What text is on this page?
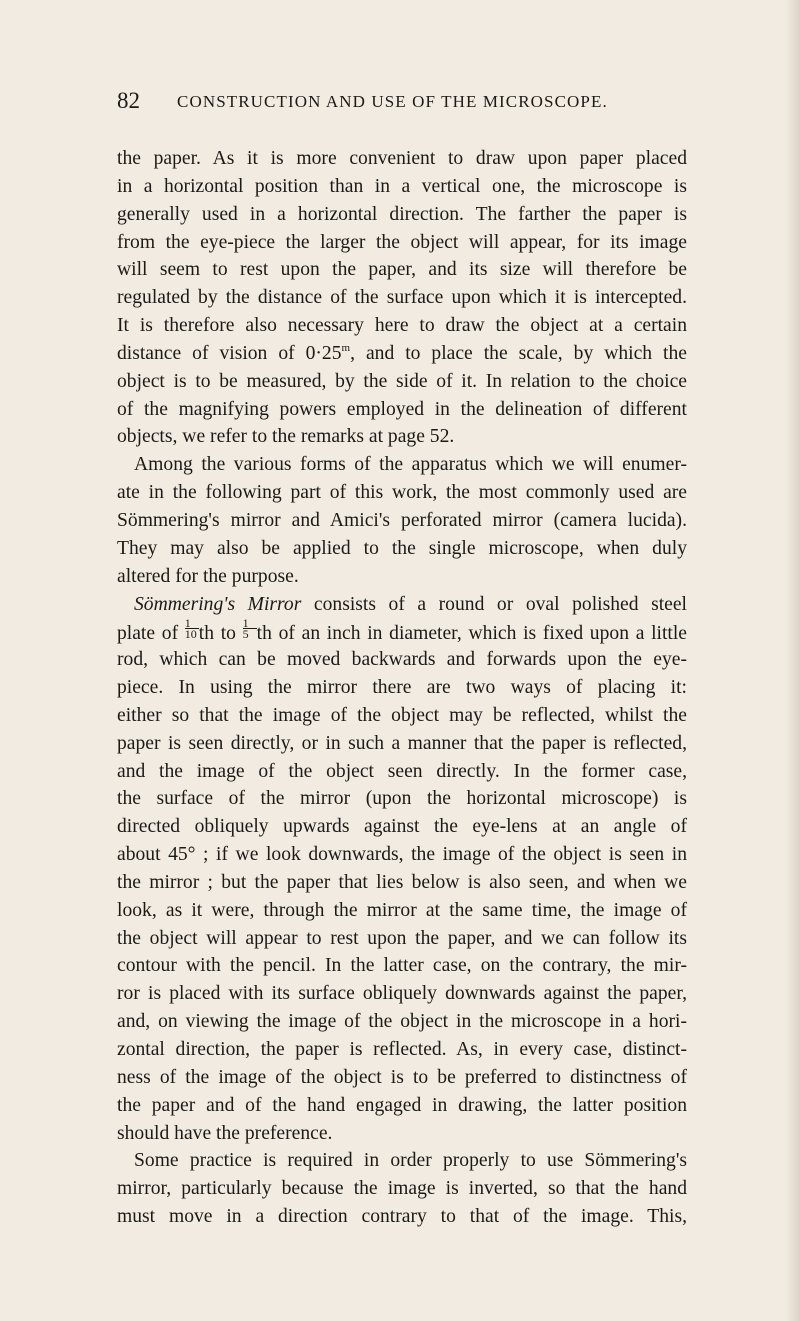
82 CONSTRUCTION AND USE OF THE MICROSCOPE.
the paper. As it is more convenient to draw upon paper placed
in a horizontal position than in a vertical one, the microscope is
generally used in a horizontal direction. The farther the paper is
from the eye-piece the larger the object will appear, for its image
will seem to rest upon the paper, and its size will therefore be
regulated by the distance of the surface upon which it is intercepted.
It is therefore also necessary here to draw the object at a certain
distance of vision of $0\cdot 25^m$, and to place the scale, by which the
object is to be measured, by the side of it. In relation to the choice
of the magnifying powers employed in the delineation of different
objects, we refer to the remarks at page 52.
Among the various forms of the apparatus which we will enumer-
ate in the following part of this work, the most commonly used are
Sömmering's mirror and Amici's perforated mirror (camera lucida).
They may also be applied to the single microscope, when duly
altered for the purpose.
Sömmering's Mirror consists of a round or oval polished steel
plate of $\frac{1}{10}$ th to $\frac{1}{5}$ th of an inch in diameter, which is fixed upon a little
rod, which can be moved backwards and forwards upon the eye-
piece. In using the mirror there are two ways of placing it:
either so that the image of the object may be reflected, whilst the
paper is seen directly, or in such a manner that the paper is reflected,
and the image of the object seen directly. In the former case,
the surface of the mirror (upon the horizontal microscope) is
directed obliquely upwards against the eye-lens at an angle of
about 45° ; if we look downwards, the image of the object is seen in
the mirror ; but the paper that lies below is also seen, and when we
look, as it were, through the mirror at the same time, the image of
the object will appear to rest upon the paper, and we can follow its
contour with the pencil. In the latter case, on the contrary, the mir-
ror is placed with its surface obliquely downwards against the paper,
and, on viewing the image of the object in the microscope in a hori-
zontal direction, the paper is reflected. As, in every case, distinct-
ness of the image of the object is to be preferred to distinctness of
the paper and of the hand engaged in drawing, the latter position
should have the preference.
Some practice is required in order properly to use Sömmering's
mirror, particularly because the image is inverted, so that the hand
must move in a direction contrary to that of the image. This,
